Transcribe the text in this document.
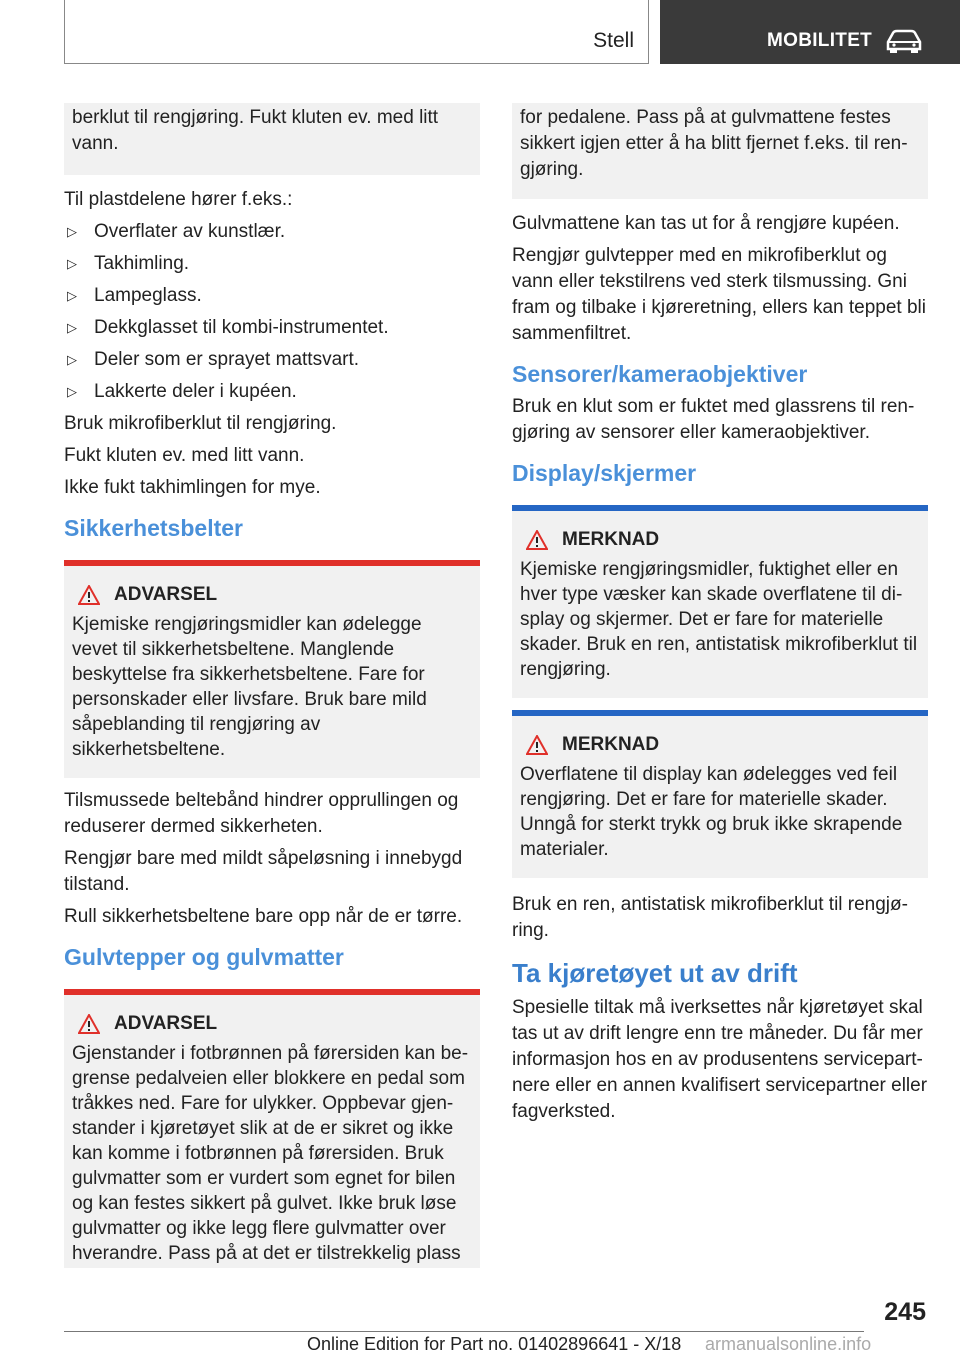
Stell	MOBILITET
berklut til rengjøring. Fukt kluten ev. med litt vann.

Til plastdelene hører f.eks.:

▷ Overflater av kunstlær.
▷ Takhimling.
▷ Lampeglass.
▷ Dekkglasset til kombi-instrumentet.
▷ Deler som er sprayet mattsvart.
▷ Lakkerte deler i kupéen.

Bruk mikrofiberklut til rengjøring.

Fukt kluten ev. med litt vann.

Ikke fukt takhimlingen for mye.

Sikkerhetsbelter
ADVARSEL
Kjemiske rengjøringsmidler kan ødelegge vevet til sikkerhetsbeltene. Manglende beskyttelse fra sikkerhetsbeltene. Fare for personskader eller livsfare. Bruk bare mild såpeblanding til rengjøring av sikkerhetsbeltene.

Tilsmussede beltebånd hindrer opprullingen og reduserer dermed sikkerheten.

Rengjør bare med mildt såpeløsning i innebygd tilstand.

Rull sikkerhetsbeltene bare opp når de er tørre.

Gulvtepper og gulvmatter
ADVARSEL
Gjenstander i fotbrønnen på førersiden kan begrense pedalveien eller blokkere en pedal som tråkkes ned. Fare for ulykker. Oppbevar gjenstander i kjøretøyet slik at de er sikret og ikke kan komme i fotbrønnen på førersiden. Bruk gulvmatter som er vurdert som egnet for bilen og kan festes sikkert på gulvet. Ikke bruk løse gulvmatter og ikke legg flere gulvmatter over hverandre. Pass på at det er tilstrekkelig plass
for pedalene. Pass på at gulvmattene festes sikkert igjen etter å ha blitt fjernet f.eks. til rengjøring.

Gulvmattene kan tas ut for å rengjøre kupéen.

Rengjør gulvtepper med en mikrofiberklut og vann eller tekstilrens ved sterk tilsmussing. Gni fram og tilbake i kjøreretning, ellers kan teppet bli sammenfiltret.

Sensorer/kameraobjektiver

Bruk en klut som er fuktet med glassrens til rengjøring av sensorer eller kameraobjektiver.

Display/skjermer
MERKNAD
Kjemiske rengjøringsmidler, fuktighet eller en hver type væsker kan skade overflatene til display og skjermer. Det er fare for materielle skader. Bruk en ren, antistatisk mikrofiberklut til rengjøring.
MERKNAD
Overflatene til display kan ødelegges ved feil rengjøring. Det er fare for materielle skader. Unngå for sterkt trykk og bruk ikke skrapende materialer.

Bruk en ren, antistatisk mikrofiberklut til rengjøring.

Ta kjøretøyet ut av drift

Spesielle tiltak må iverksettes når kjøretøyet skal tas ut av drift lengre enn tre måneder. Du får mer informasjon hos en av produsentens servicepartnere eller en annen kvalifisert servicepartner eller fagverksted.

245
Online Edition for Part no. 01402896641 - X/18 armanualsonline.info
